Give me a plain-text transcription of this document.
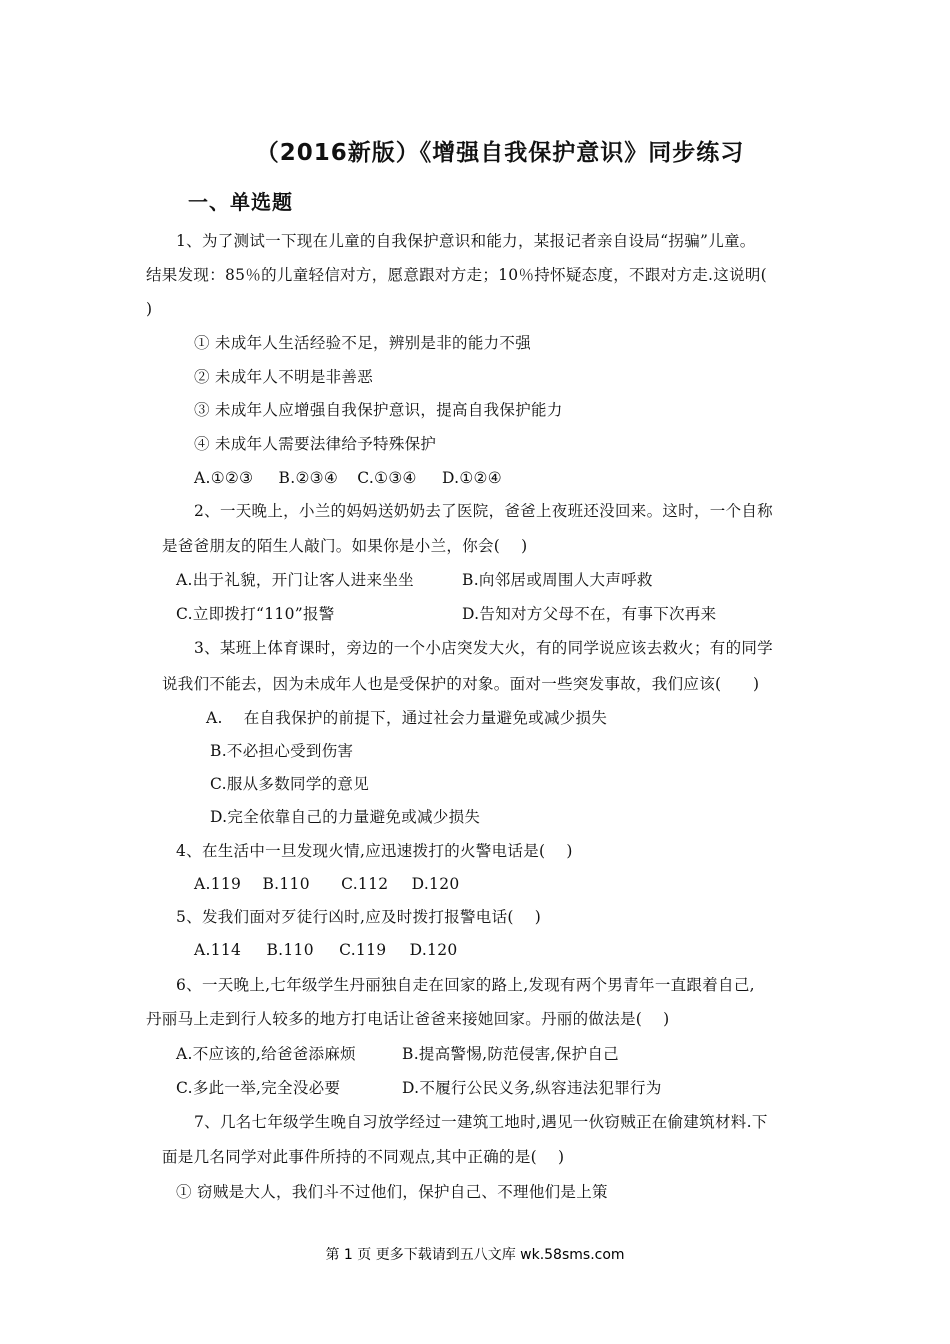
（2016新版）《增强自我保护意识》同步练习
一、单选题
1、为了测试一下现在儿童的自我保护意识和能力，某报记者亲自设局“拐骗”儿童。
结果发现：85％的儿童轻信对方，愿意跟对方走；10％持怀疑态度，不跟对方走.这说明(
)
① 未成年人生活经验不足，辨别是非的能力不强
② 未成年人不明是非善恶
③ 未成年人应增强自我保护意识，提高自我保护能力
④ 未成年人需要法律给予特殊保护
A.①②③ B.②③④ C.①③④ D.①②④
2、一天晚上，小兰的妈妈送奶奶去了医院，爸爸上夜班还没回来。这时，一个自称
是爸爸朋友的陌生人敲门。如果你是小兰，你会(　 )
A.出于礼貌，开门让客人进来坐坐	B.向邻居或周围人大声呼救
C.立即拨打“110”报警	D.告知对方父母不在，有事下次再来
3、某班上体育课时，旁边的一个小店突发大火，有的同学说应该去救火；有的同学
说我们不能去，因为未成年人也是受保护的对象。面对一些突发事故，我们应该(　　)
A.　 在自我保护的前提下，通过社会力量避免或减少损失
B.不必担心受到伤害
C.服从多数同学的意见
D.完全依靠自己的力量避免或减少损失
4、在生活中一旦发现火情,应迅速拨打的火警电话是(　 )
A.119 B.110 C.112 D.120
5、发我们面对歹徒行凶时,应及时拨打报警电话(　 )
A.114 B.110 C.119 D.120
6、一天晚上,七年级学生丹丽独自走在回家的路上,发现有两个男青年一直跟着自己,
丹丽马上走到行人较多的地方打电话让爸爸来接她回家。丹丽的做法是(　 )
A.不应该的,给爸爸添麻烦	B.提高警惕,防范侵害,保护自己
C.多此一举,完全没必要	D.不履行公民义务,纵容违法犯罪行为
7、几名七年级学生晚自习放学经过一建筑工地时,遇见一伙窃贼正在偷建筑材料.下
面是几名同学对此事件所持的不同观点,其中正确的是(　 )
① 窃贼是大人，我们斗不过他们，保护自己、不理他们是上策
第 1 页 更多下载请到五八文库 wk.58sms.com
